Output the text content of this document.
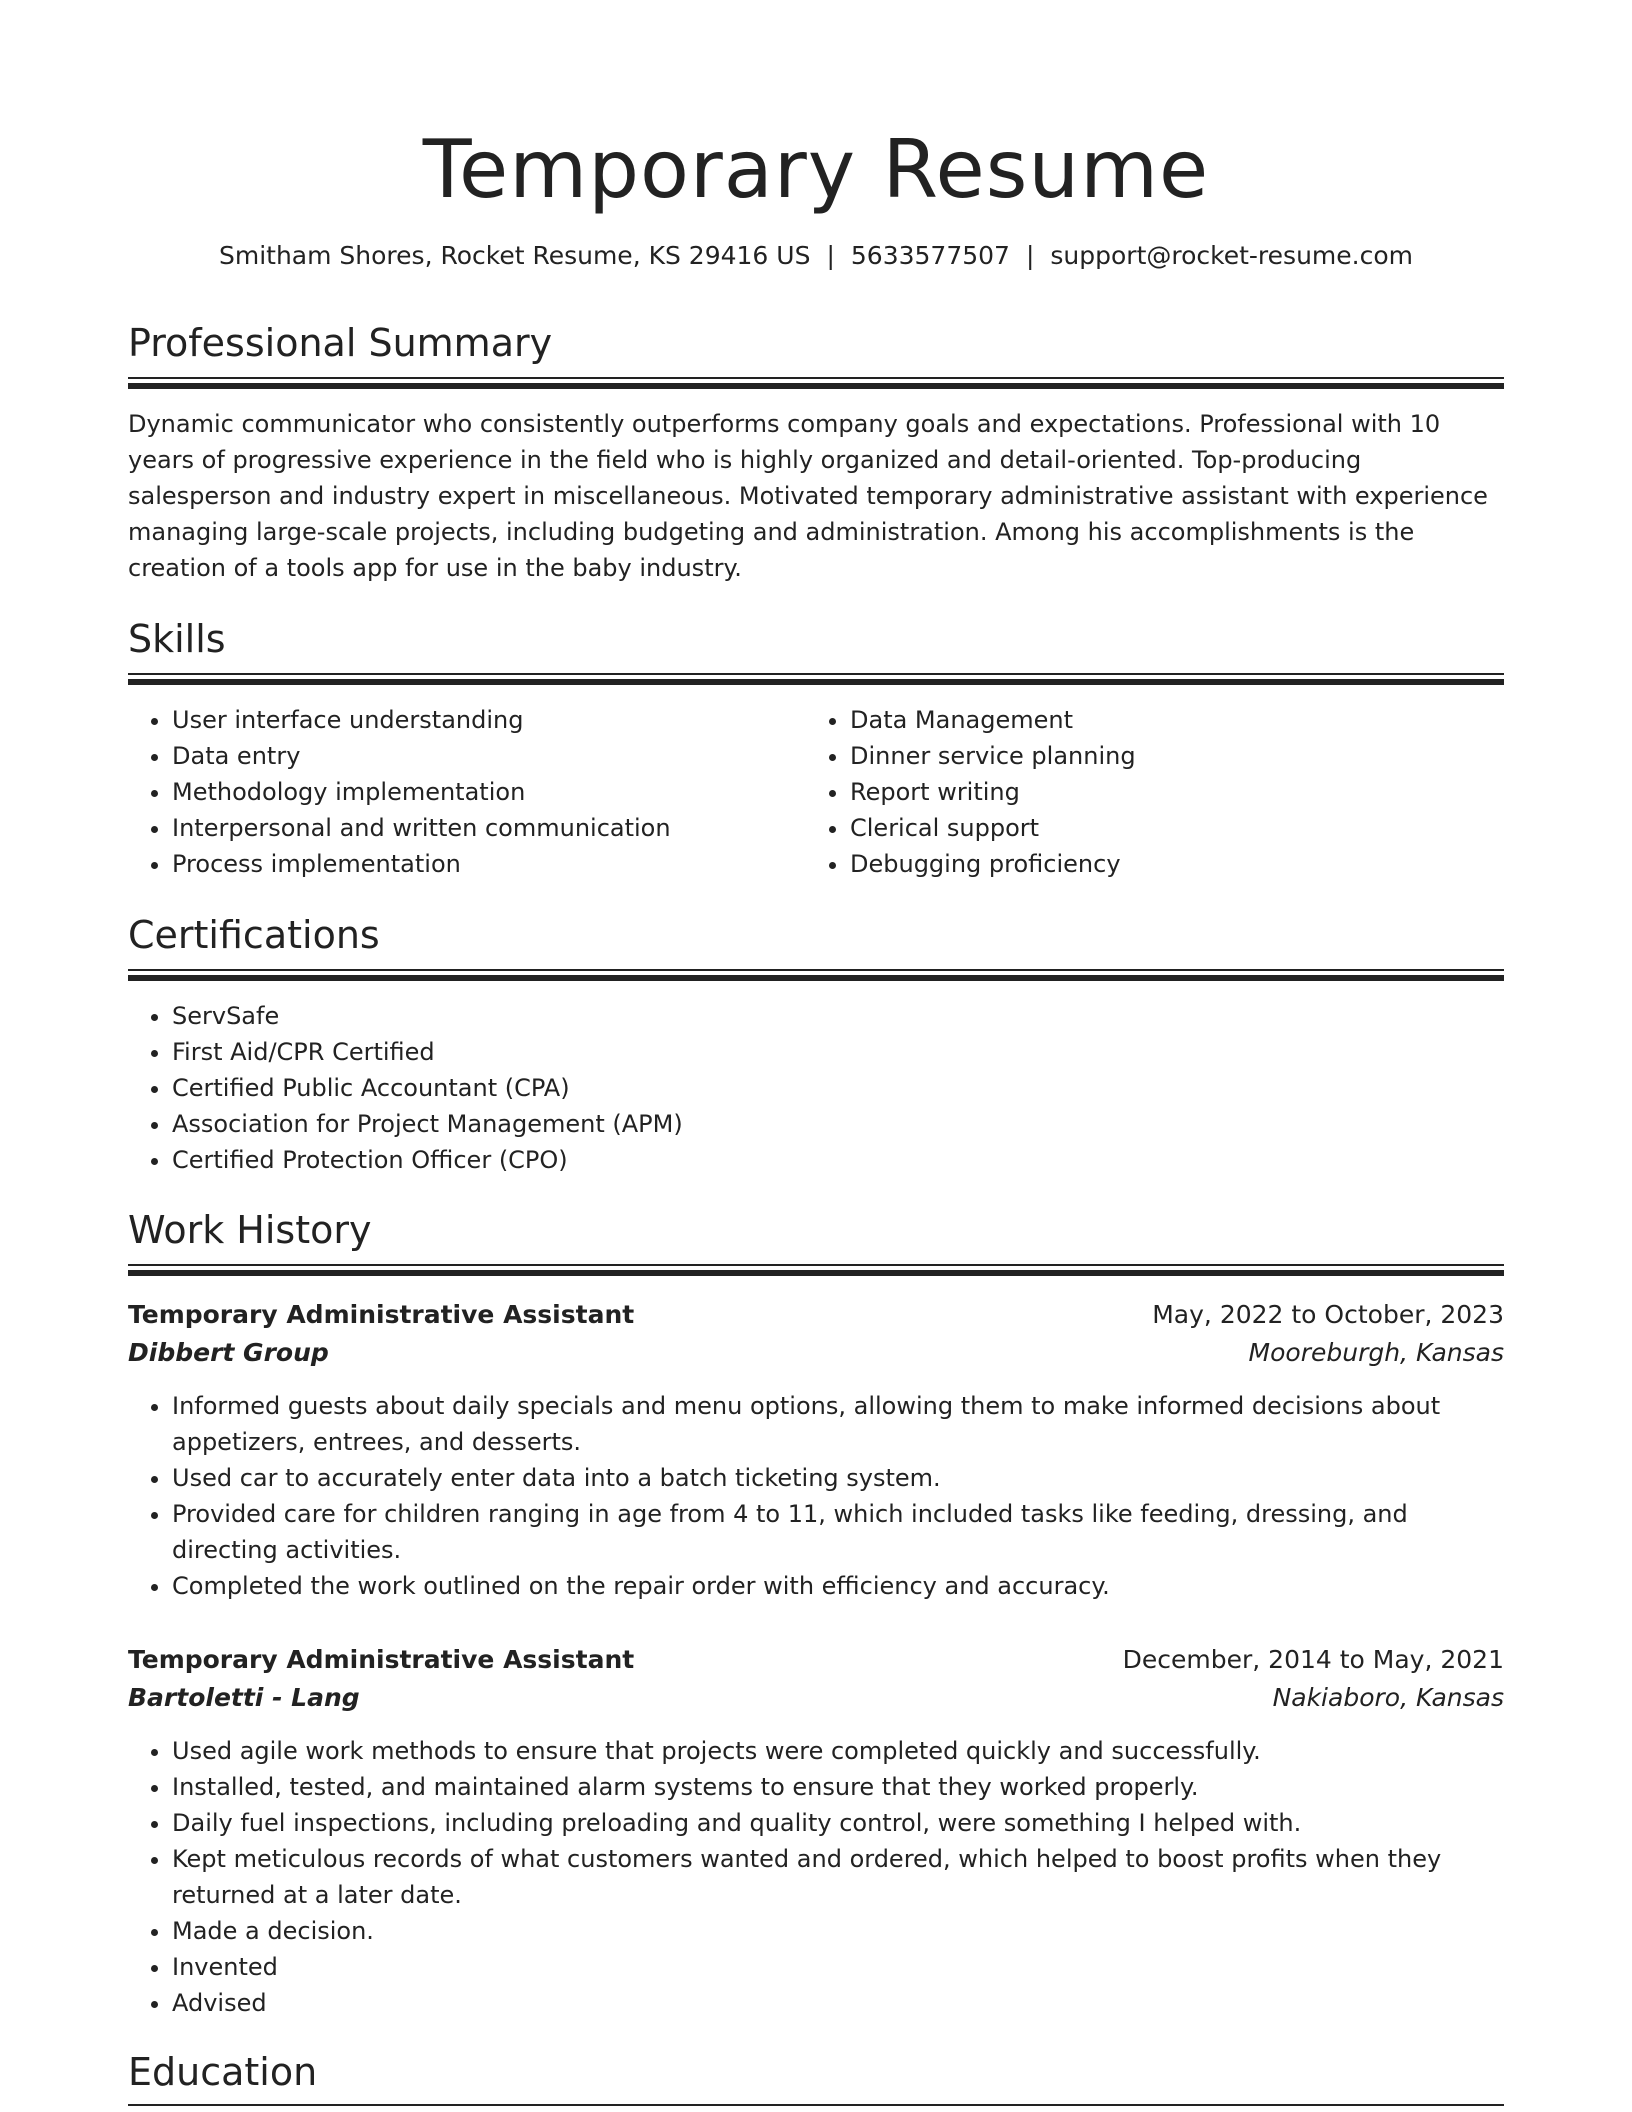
Temporary Resume
Smitham Shores, Rocket Resume, KS 29416 US | 5633577507 | support@rocket-resume.com
Professional Summary

Dynamic communicator who consistently outperforms company goals and expectations. Professional with 10 years of progressive experience in the field who is highly organized and detail-oriented. Top-producing salesperson and industry expert in miscellaneous. Motivated temporary administrative assistant with experience managing large-scale projects, including budgeting and administration. Among his accomplishments is the creation of a tools app for use in the baby industry.

Skills
• User interface understanding
• Data entry
• Methodology implementation
• Interpersonal and written communication
• Process implementation
• Data Management
• Dinner service planning
• Report writing
• Clerical support
• Debugging proficiency
Certifications
• ServSafe
• First Aid/CPR Certified
• Certified Public Accountant (CPA)
• Association for Project Management (APM)
• Certified Protection Officer (CPO)
Work History
Temporary Administrative Assistant	May, 2022 to October, 2023
Dibbert Group	Mooreburgh, Kansas
• Informed guests about daily specials and menu options, allowing them to make informed decisions about appetizers, entrees, and desserts.
• Used car to accurately enter data into a batch ticketing system.
• Provided care for children ranging in age from 4 to 11, which included tasks like feeding, dressing, and directing activities.
• Completed the work outlined on the repair order with efficiency and accuracy.
Temporary Administrative Assistant	December, 2014 to May, 2021
Bartoletti - Lang	Nakiaboro, Kansas
• Used agile work methods to ensure that projects were completed quickly and successfully.
• Installed, tested, and maintained alarm systems to ensure that they worked properly.
• Daily fuel inspections, including preloading and quality control, were something I helped with.
• Kept meticulous records of what customers wanted and ordered, which helped to boost profits when they returned at a later date.
• Made a decision.
• Invented
• Advised
Education
